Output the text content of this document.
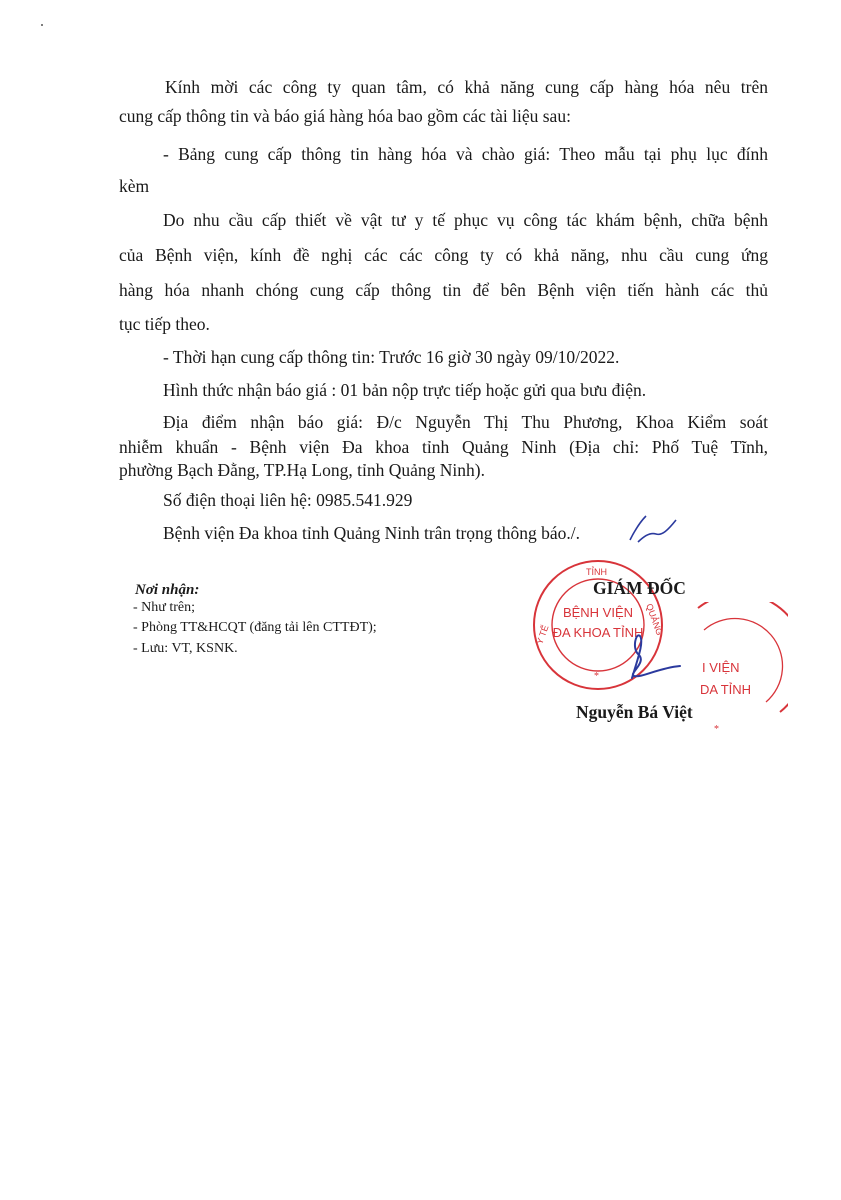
Kính mời các công ty quan tâm, có khả năng cung cấp hàng hóa nêu trên
cung cấp thông tin và báo giá hàng hóa bao gồm các tài liệu sau:
- Bảng cung cấp thông tin hàng hóa và chào giá: Theo mẫu tại phụ lục đính
kèm
Do nhu cầu cấp thiết về vật tư y tế phục vụ công tác khám bệnh, chữa bệnh
của Bệnh viện, kính đề nghị các các công ty có khả năng, nhu cầu cung ứng
hàng hóa nhanh chóng cung cấp thông tin để bên Bệnh viện tiến hành các thủ
tục tiếp theo.
- Thời hạn cung cấp thông tin: Trước 16 giờ 30 ngày 09/10/2022.
Hình thức nhận báo giá : 01 bản nộp trực tiếp hoặc gửi qua bưu điện.
Địa điểm nhận báo giá: Đ/c Nguyễn Thị Thu Phương, Khoa Kiểm soát
nhiễm khuẩn - Bệnh viện Đa khoa tỉnh Quảng Ninh (Địa chỉ: Phố Tuệ Tĩnh,
phường Bạch Đằng, TP.Hạ Long, tỉnh Quảng Ninh).
Số điện thoại liên hệ: 0985.541.929
Bệnh viện Đa khoa tỉnh Quảng Ninh trân trọng thông báo./.
Nơi nhận:
- Như trên;
- Phòng TT&HCQT (đăng tải lên CTTĐT);
- Lưu: VT, KSNK.
TỈNH
QUẢNG
Y TẾ
BỆNH VIỆN
ĐA KHOA TỈNH
*
I VIỆN
DA TỈNH
*
GIÁM ĐỐC
Nguyễn Bá Việt
